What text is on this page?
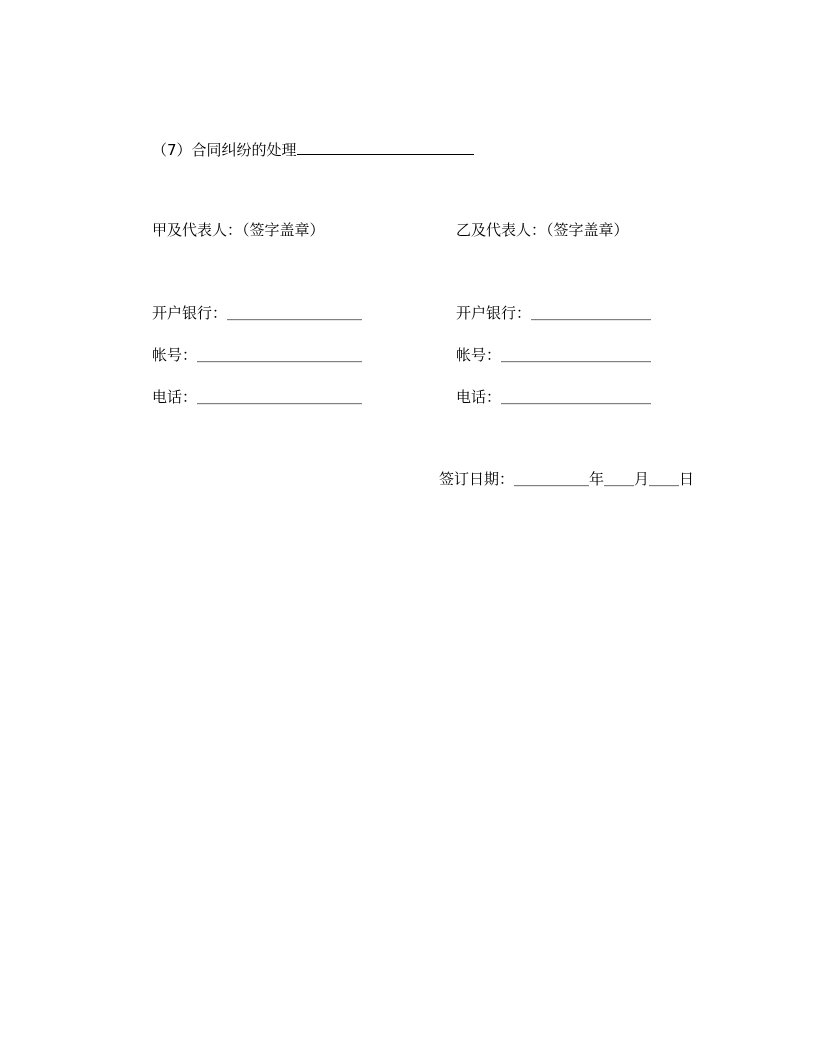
（7）合同纠纷的处理
甲及代表人：（签字盖章）	乙及代表人：（签字盖章）
开户银行：＿＿＿＿＿＿＿＿＿	开户银行：＿＿＿＿＿＿＿＿
帐号：＿＿＿＿＿＿＿＿＿＿＿	帐号：＿＿＿＿＿＿＿＿＿＿
电话：＿＿＿＿＿＿＿＿＿＿＿	电话：＿＿＿＿＿＿＿＿＿＿
签订日期：＿＿＿＿＿年＿＿月＿＿日
